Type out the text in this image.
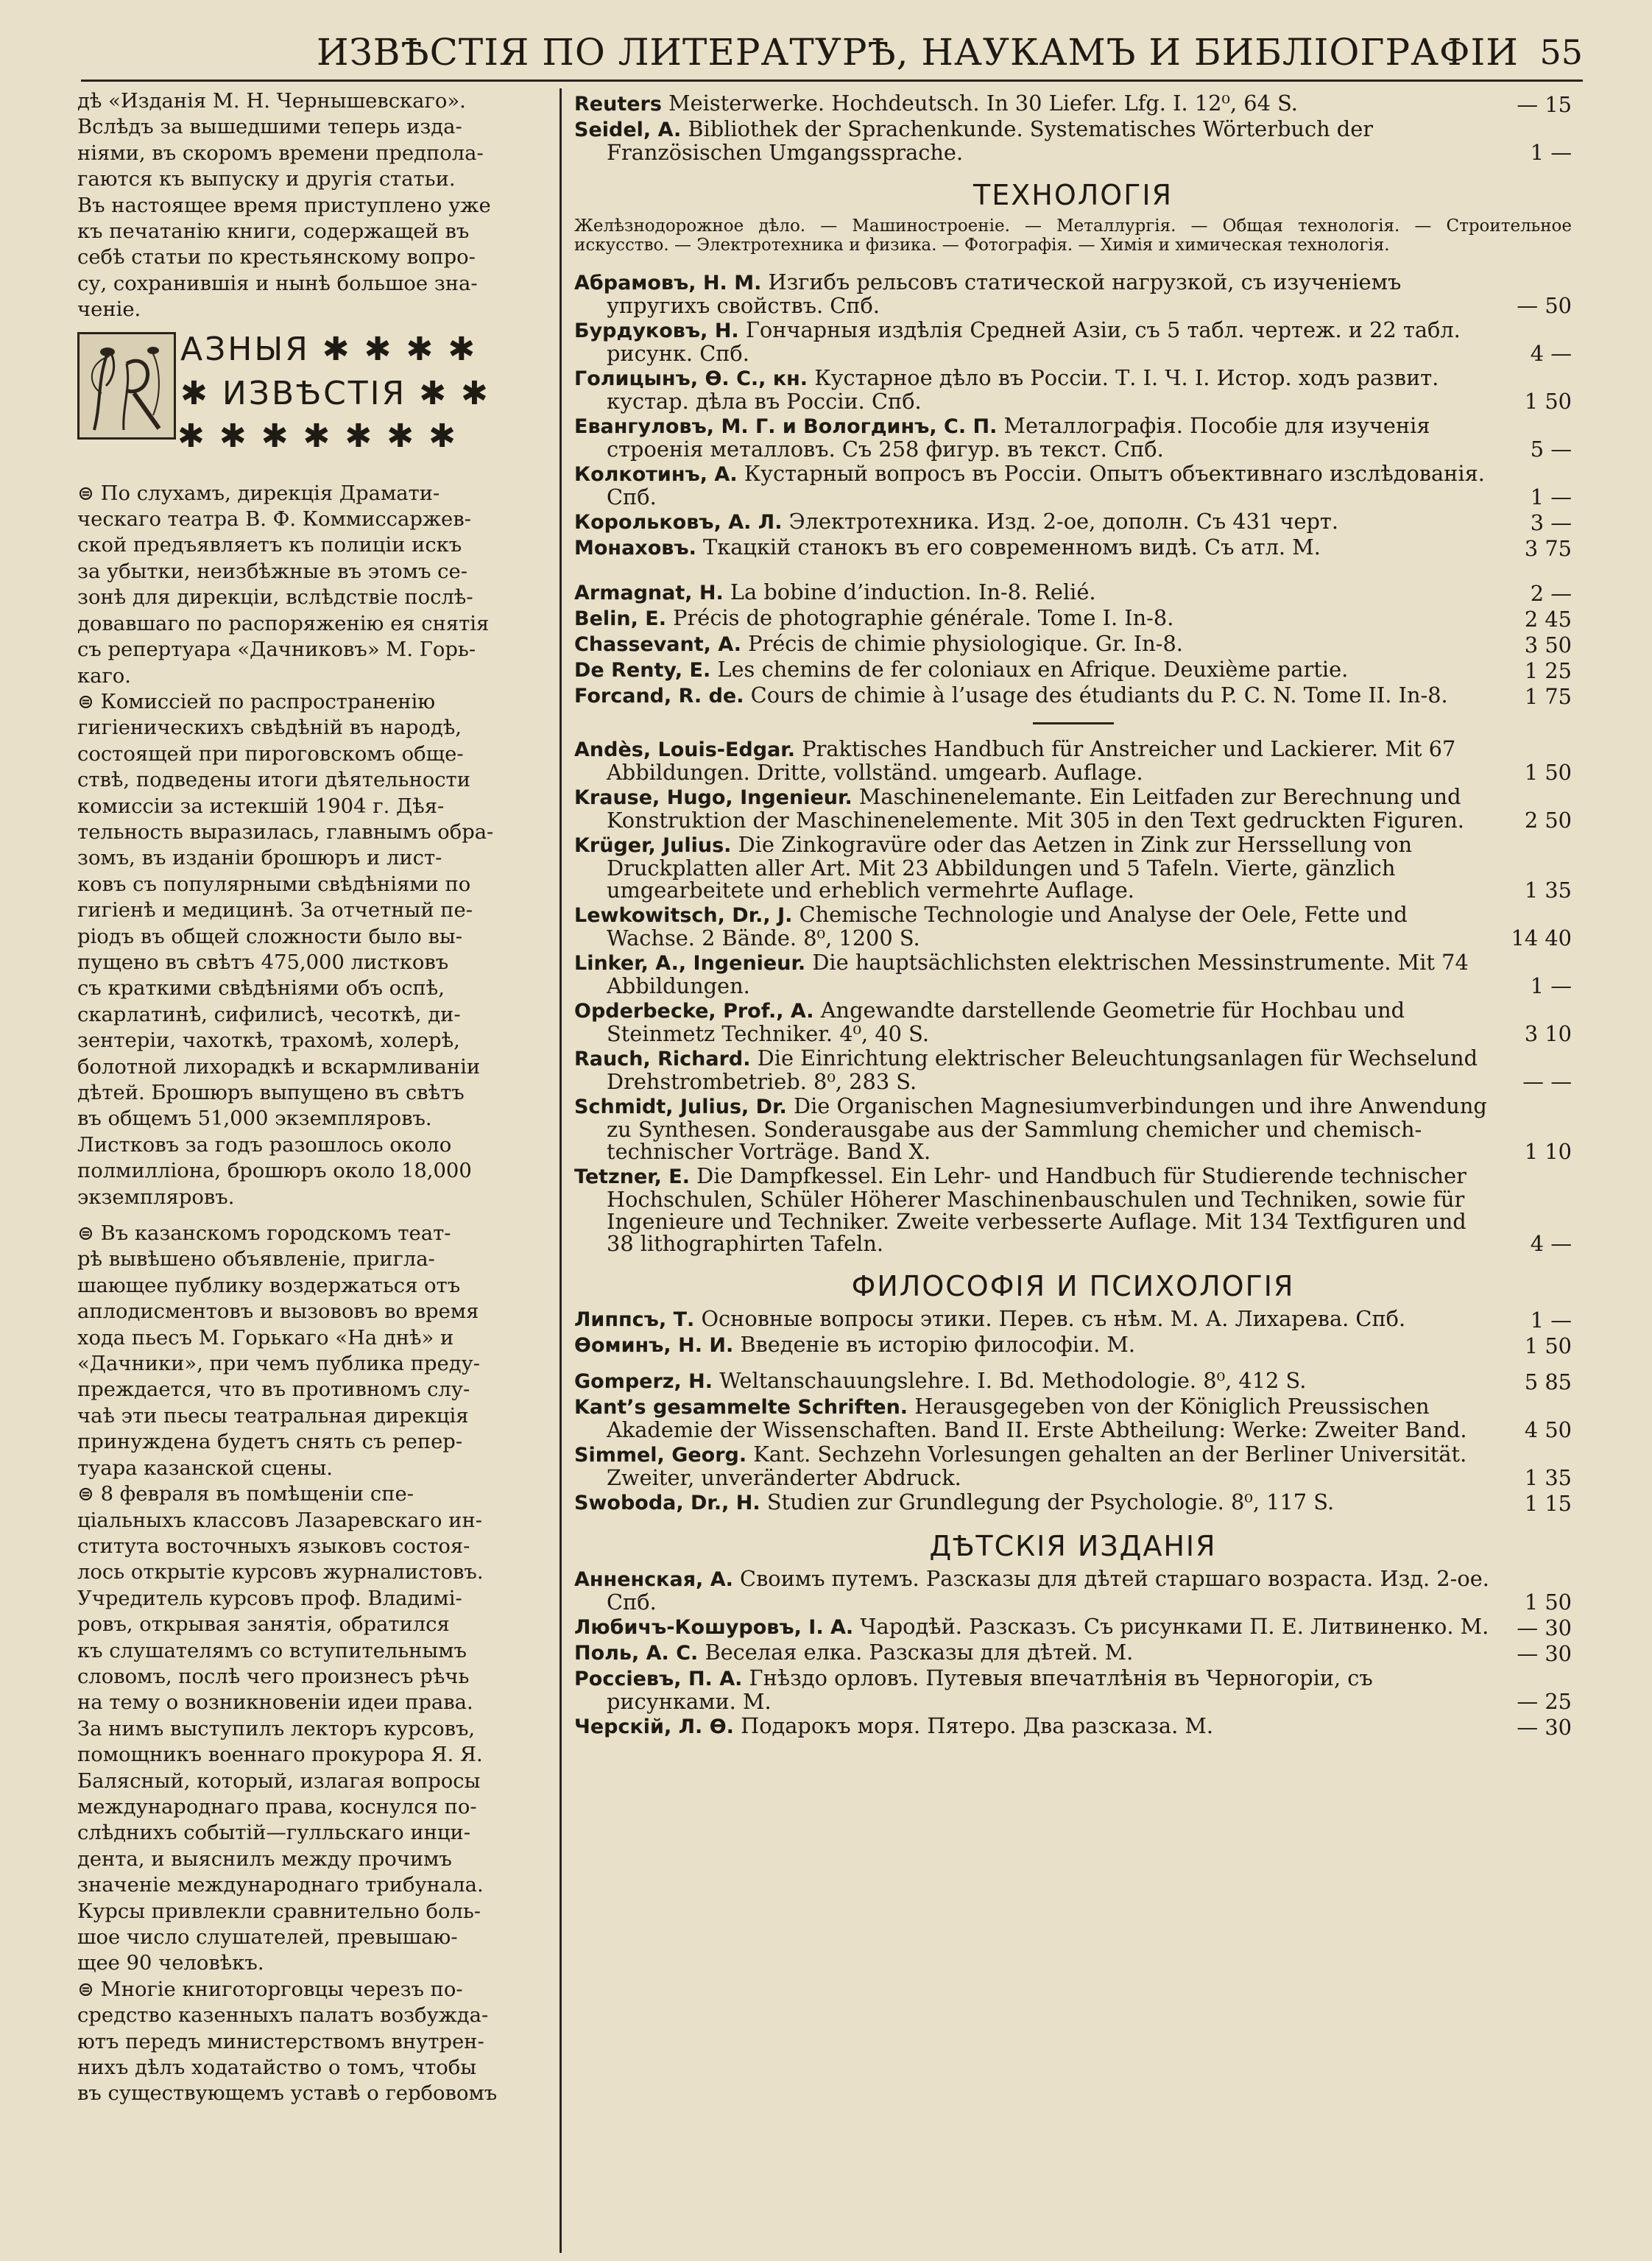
ИЗВѢСТІЯ ПО ЛИТЕРАТУРѢ, НАУКАМЪ И БИБЛІОГРАФІИ 55

дѣ «Изданія М. Н. Чернышевскаго».
Вслѣдъ за вышедшими теперь изда-
ніями, въ скоромъ времени предпола-
гаются къ выпуску и другія статьи.
Въ настоящее время приступлено уже
къ печатанію книги, содержащей въ
себѣ статьи по крестьянскому вопро-
су, сохранившія и нынѣ большое зна-
ченіе.

АЗНЫЯ ✱ ✱ ✱ ✱
✱ ИЗВѢСТІЯ ✱ ✱
✱ ✱ ✱ ✱ ✱ ✱ ✱

⊜ По слухамъ, дирекція Драмати-
ческаго театра В. Ф. Коммиссаржев-
ской предъявляетъ къ полиціи искъ
за убытки, неизбѣжные въ этомъ се-
зонѣ для дирекціи, вслѣдствіе послѣ-
довавшаго по распоряженію ея снятія
съ репертуара «Дачниковъ» М. Горь-
каго.

⊜ Комиссіей по распространенію
гигіеническихъ свѣдѣній въ народѣ,
состоящей при пироговскомъ обще-
ствѣ, подведены итоги дѣятельности
комиссіи за истекшій 1904 г. Дѣя-
тельность выразилась, главнымъ обра-
зомъ, въ изданіи брошюръ и лист-
ковъ съ популярными свѣдѣніями по
гигіенѣ и медицинѣ. За отчетный пе-
ріодъ въ общей сложности было вы-
пущено въ свѣтъ 475,000 листковъ
съ краткими свѣдѣніями объ оспѣ,
скарлатинѣ, сифилисѣ, чесоткѣ, ди-
зентеріи, чахоткѣ, трахомѣ, холерѣ,
болотной лихорадкѣ и вскармливаніи
дѣтей. Брошюръ выпущено въ свѣтъ
въ общемъ 51,000 экземпляровъ.
Листковъ за годъ разошлось около
полмилліона, брошюръ около 18,000
экземпляровъ.

⊜ Въ казанскомъ городскомъ теат-
рѣ вывѣшено объявленіе, пригла-
шающее публику воздержаться отъ
аплодисментовъ и вызововъ во время
хода пьесъ М. Горькаго «На днѣ» и
«Дачники», при чемъ публика преду-
преждается, что въ противномъ слу-
чаѣ эти пьесы театральная дирекція
принуждена будетъ снять съ репер-
туара казанской сцены.

⊜ 8 февраля въ помѣщеніи спе-
ціальныхъ классовъ Лазаревскаго ин-
ститута восточныхъ языковъ состоя-
лось открытіе курсовъ журналистовъ.
Учредитель курсовъ проф. Владимі-
ровъ, открывая занятія, обратился
къ слушателямъ со вступительнымъ
словомъ, послѣ чего произнесъ рѣчь
на тему о возникновеніи идеи права.
За нимъ выступилъ лекторъ курсовъ,
помощникъ военнаго прокурора Я. Я.
Балясный, который, излагая вопросы
международнаго права, коснулся по-
слѣднихъ событій—гулльскаго инци-
дента, и выяснилъ между прочимъ
значеніе международнаго трибунала.
Курсы привлекли сравнительно боль-
шое число слушателей, превышаю-
щее 90 человѣкъ.

⊜ Многіе книготорговцы черезъ по-
средство казенныхъ палатъ возбужда-
ютъ передъ министерствомъ внутрен-
нихъ дѣлъ ходатайство о томъ, чтобы
въ существующемъ уставѣ о гербовомъ

Reuters Meisterwerke. Hochdeutsch. In 30 Liefer. Lfg. I. 12⁰, 64 S.	— 15
Seidel, A. Bibliothek der Sprachenkunde. Systematisches Wörterbuch der Französischen Umgangssprache.	1 —
ТЕХНОЛОГІЯ
Желѣзнодорожное дѣло. — Машиностроеніе. — Металлургія. — Общая технологія. — Строительное искусство. — Электротехника и физика. — Фотографія. — Химія и химическая технологія.
Абрамовъ, Н. М. Изгибъ рельсовъ статической нагрузкой, съ изученіемъ упругихъ свойствъ. Спб.	— 50
Бурдуковъ, Н. Гончарныя издѣлія Средней Азіи, съ 5 табл. чертеж. и 22 табл. рисунк. Спб.	4 —
Голицынъ, Ѳ. С., кн. Кустарное дѣло въ Россіи. Т. I. Ч. I. Истор. ходъ развит. кустар. дѣла въ Россіи. Спб.	1 50
Евангуловъ, М. Г. и Вологдинъ, С. П. Металлографія. Пособіе для изученія строенія металловъ. Съ 258 фигур. въ текст. Спб.	5 —
Колкотинъ, А. Кустарный вопросъ въ Россіи. Опытъ объективнаго изслѣдованія. Спб.	1 —
Корольковъ, А. Л. Электротехника. Изд. 2-ое, дополн. Съ 431 черт.	3 —
Монаховъ. Ткацкій станокъ въ его современномъ видѣ. Съ атл. М.	3 75
Armagnat, H. La bobine d’induction. In-8. Relié.	2 —
Belin, E. Précis de photographie générale. Tome I. In-8.	2 45
Chassevant, A. Précis de chimie physiologique. Gr. In-8.	3 50
De Renty, E. Les chemins de fer coloniaux en Afrique. Deuxième partie.	1 25
Forcand, R. de. Cours de chimie à l’usage des étudiants du P. C. N. Tome II. In-8.	1 75
Andès, Louis-Edgar. Praktisches Handbuch für Anstreicher und Lackierer. Mit 67 Abbildungen. Dritte, vollständ. umgearb. Auflage.	1 50
Krause, Hugo, Ingenieur. Maschinenelemante. Ein Leitfaden zur Berechnung und Konstruktion der Maschinenelemente. Mit 305 in den Text gedruckten Figuren.	2 50
Krüger, Julius. Die Zinkogravüre oder das Aetzen in Zink zur Herssellung von Druckplatten aller Art. Mit 23 Abbildungen und 5 Tafeln. Vierte, gänzlich umgearbeitete und erheblich vermehrte Auflage.	1 35
Lewkowitsch, Dr., J. Chemische Technologie und Analyse der Oele, Fette und Wachse. 2 Bände. 8⁰, 1200 S.	14 40
Linker, A., Ingenieur. Die hauptsächlichsten elektrischen Messinstrumente. Mit 74 Abbildungen.	1 —
Opderbecke, Prof., A. Angewandte darstellende Geometrie für Hochbau und Steinmetz Techniker. 4⁰, 40 S.	3 10
Rauch, Richard. Die Einrichtung elektrischer Beleuchtungsanlagen für Wechselund Drehstrombetrieb. 8⁰, 283 S.	— —
Schmidt, Julius, Dr. Die Organischen Magnesiumverbindungen und ihre Anwendung zu Synthesen. Sonderausgabe aus der Sammlung chemicher und chemisch-technischer Vorträge. Band X.	1 10
Tetzner, E. Die Dampfkessel. Ein Lehr- und Handbuch für Studierende technischer Hochschulen, Schüler Höherer Maschinenbauschulen und Techniken, sowie für Ingenieure und Techniker. Zweite verbesserte Auflage. Mit 134 Textfiguren und 38 lithographirten Tafeln.	4 —
ФИЛОСОФІЯ И ПСИХОЛОГІЯ
Липпсъ, Т. Основные вопросы этики. Перев. съ нѣм. М. А. Лихарева. Спб.	1 —
Ѳоминъ, Н. И. Введеніе въ исторію философіи. М.	1 50
Gomperz, H. Weltanschauungslehre. I. Bd. Methodologie. 8⁰, 412 S.	5 85
Kant’s gesammelte Schriften. Herausgegeben von der Königlich Preussischen Akademie der Wissenschaften. Band II. Erste Abtheilung: Werke: Zweiter Band.	4 50
Simmel, Georg. Kant. Sechzehn Vorlesungen gehalten an der Berliner Universität. Zweiter, unveränderter Abdruck.	1 35
Swoboda, Dr., H. Studien zur Grundlegung der Psychologie. 8⁰, 117 S.	1 15
ДѢТСКІЯ ИЗДАНІЯ
Анненская, А. Своимъ путемъ. Разсказы для дѣтей старшаго возраста. Изд. 2-ое. Спб.	1 50
Любичъ-Кошуровъ, I. А. Чародѣй. Разсказъ. Съ рисунками П. Е. Литвиненко. М.	— 30
Поль, А. С. Веселая елка. Разсказы для дѣтей. М.	— 30
Россіевъ, П. А. Гнѣздо орловъ. Путевыя впечатлѣнія въ Черногоріи, съ рисунками. М.	— 25
Черскій, Л. Ѳ. Подарокъ моря. Пятеро. Два разсказа. М.	— 30
